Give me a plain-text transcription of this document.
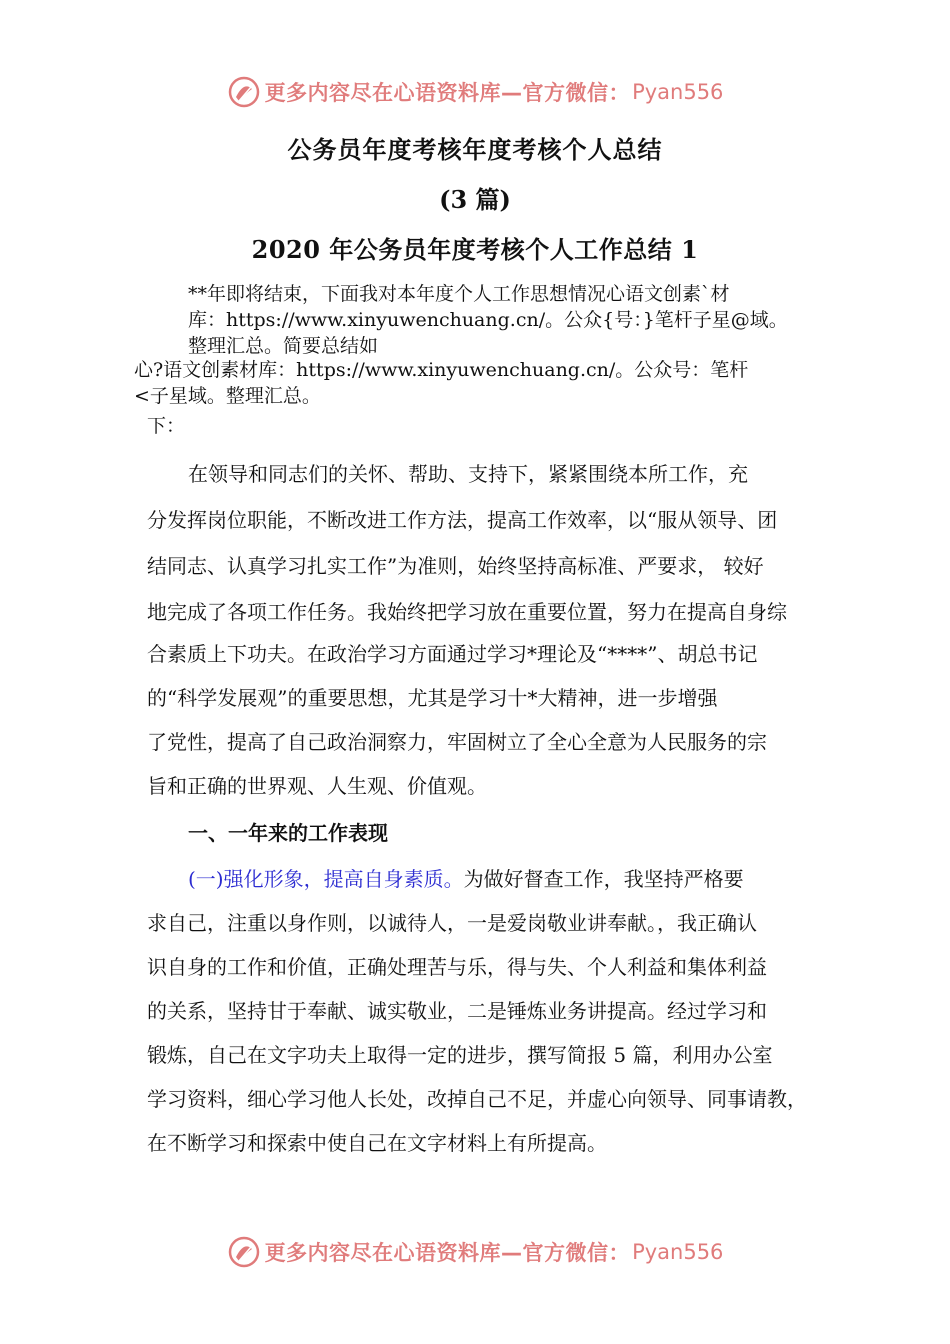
更多内容尽在心语资料库—官方微信： Pyan556
公务员年度考核年度考核个人总结
(3 篇)
2020 年公务员年度考核个人工作总结 1
**年即将结束，下面我对本年度个人工作思想情况心语文创素`材
库：https://www.xinyuwenchuang.cn/。公众{号：}笔杆子星@域。
整理汇总。简要总结如
心?语文创素材库：https://www.xinyuwenchuang.cn/。公众号：笔杆
<子星域。整理汇总。
下：
在领导和同志们的关怀、帮助、支持下，紧紧围绕本所工作，充
分发挥岗位职能，不断改进工作方法，提高工作效率，以“服从领导、团
结同志、认真学习扎实工作”为准则，始终坚持高标准、严要求， 较好
地完成了各项工作任务。我始终把学习放在重要位置，努力在提高自身综
合素质上下功夫。在政治学习方面通过学习*理论及“****”、胡总书记
的“科学发展观”的重要思想，尤其是学习十*大精神，进一步增强
了党性，提高了自己政治洞察力，牢固树立了全心全意为人民服务的宗
旨和正确的世界观、人生观、价值观。
一、一年来的工作表现
(一)强化形象，提高自身素质。为做好督查工作，我坚持严格要
求自己，注重以身作则，以诚待人，一是爱岗敬业讲奉献。，我正确认
识自身的工作和价值，正确处理苦与乐，得与失、个人利益和集体利益
的关系，坚持甘于奉献、诚实敬业，二是锤炼业务讲提高。经过学习和
锻炼，自己在文字功夫上取得一定的进步，撰写简报 5 篇，利用办公室
学习资料，细心学习他人长处，改掉自己不足，并虚心向领导、同事请教，
在不断学习和探索中使自己在文字材料上有所提高。
更多内容尽在心语资料库—官方微信： Pyan556
